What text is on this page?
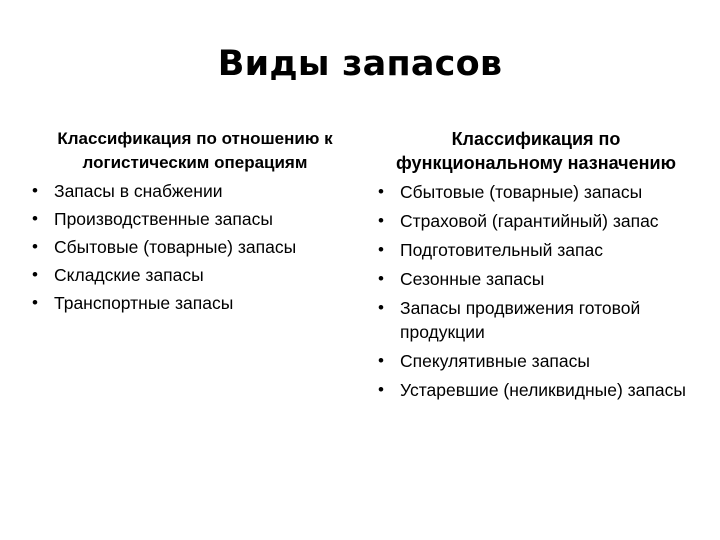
Виды запасов

Классификация по отношению к логистическим операциям

• Запасы в снабжении
• Производственные запасы
• Сбытовые (товарные) запасы
• Складские запасы
• Транспортные запасы

Классификация по функциональному назначению

• Сбытовые (товарные) запасы
• Страховой (гарантийный) запас
• Подготовительный запас
• Сезонные запасы
• Запасы продвижения готовой продукции
• Спекулятивные запасы
• Устаревшие (неликвидные) запасы
